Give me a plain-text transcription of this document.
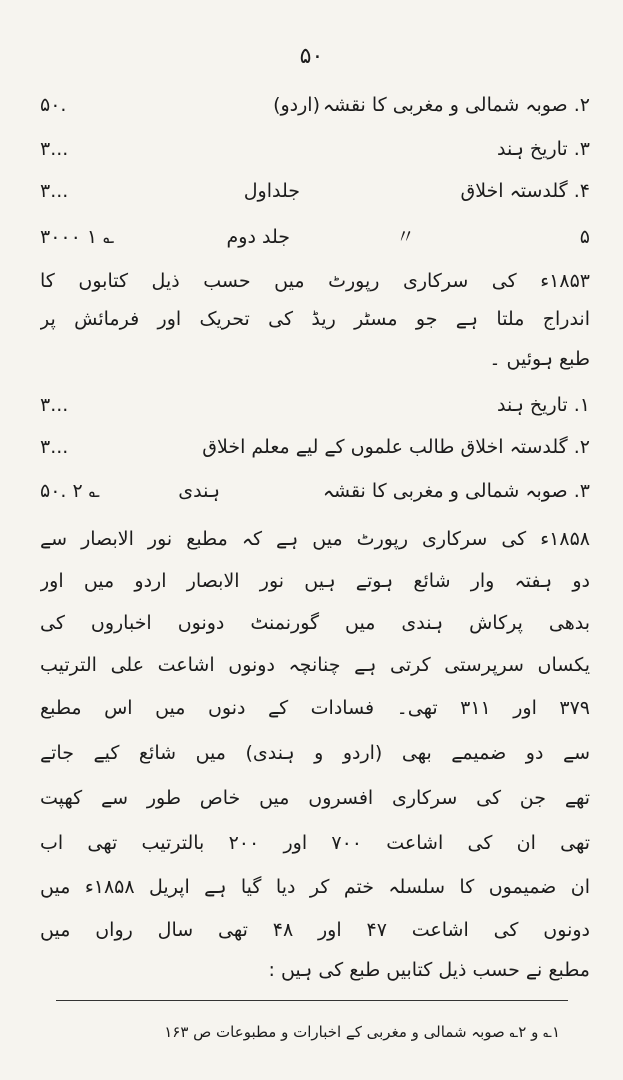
۵۰
۲. صوبہ شمالی و مغربی کا نقشہ
(اردو)
۵۰.
۳. تاریخ ہند
۳...
۴. گلدستہ اخلاق
جلداول
۳...
۵
〃
جلد دوم
۳۰۰۰ ۱ ؎
۱۸۵۳ء کی سرکاری رپورٹ میں حسب ذیل کتابوں کا
اندراج ملتا ہے جو مسٹر ریڈ کی تحریک اور فرمائش پر
طبع ہوئیں ۔
۱. تاریخ ہند
۳...
۲. گلدستہ اخلاق طالب علموں کے لیے معلم اخلاق
۳...
۳. صوبہ شمالی و مغربی کا نقشہ
ہندی
۵۰. ۲ ؎
۱۸۵۸ء کی سرکاری رپورٹ میں ہے کہ مطبع نور الابصار سے
دو ہفتہ وار شائع ہوتے ہیں نور الابصار اردو میں اور
بدھی پرکاش ہندی میں گورنمنٹ دونوں اخباروں کی
یکساں سرپرستی کرتی ہے چنانچہ دونوں اشاعت علی الترتیب
۳۷۹ اور ۳۱۱ تھی۔ فسادات کے دنوں میں اس مطبع
سے دو ضمیمے بھی (اردو و ہندی) میں شائع کیے جاتے
تھے جن کی سرکاری افسروں میں خاص طور سے کھپت
تھی ان کی اشاعت ۷۰۰ اور ۲۰۰ بالترتیب تھی اب
ان ضمیموں کا سلسلہ ختم کر دیا گیا ہے اپریل ۱۸۵۸ء میں
دونوں کی اشاعت ۴۷ اور ۴۸ تھی سال رواں میں
مطبع نے حسب ذیل کتابیں طبع کی ہیں :
۱؎ و ۲؎ صوبہ شمالی و مغربی کے اخبارات و مطبوعات ص ۱۶۳
